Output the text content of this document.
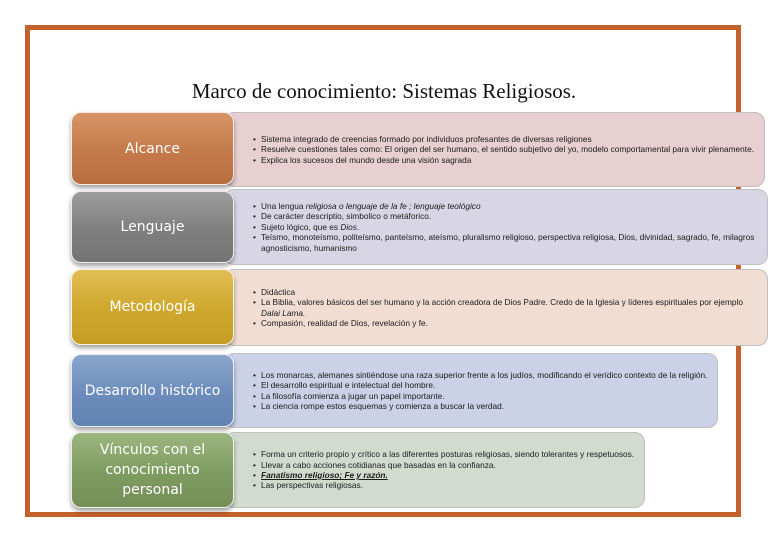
Marco de conocimiento: Sistemas Religiosos.
• Sistema integrado de creencias formado por individuos profesantes de diversas religiones
• Resuelve cuestiones tales como: El origen del ser humano, el sentido subjetivo del yo, modelo comportamental para vivir plenamente.
• Explica los sucesos del mundo desde una visión sagrada
Alcance
• Una lengua religiosa o lenguaje de la fe ; lenguaje teológico
• De carácter descriptio, simbolico o metáforico.
• Sujeto lógico, que es Dios.
• Teísmo, monoteísmo, politeísmo, panteísmo, ateísmo, pluralismo religioso, perspectiva religiosa, Dios, divinidad, sagrado, fe, milagros agnosticismo, humanismo
Lenguaje
• Didáctica
• La Biblia, valores básicos del ser humano y la acción creadora de Dios Padre. Credo de la Iglesia y líderes espirituales por ejemplo Dalai Lama.
• Compasión, realidad de Dios, revelación y fe.
Metodología
• Los monarcas, alemanes sintiéndose una raza superior frente a los judíos, modificando el verídico contexto de la religión.
• El desarrollo espiritual e intelectual del hombre.
• La filosofía comienza a jugar un papel importante.
• La ciencia rompe estos esquemas y comienza a buscar la verdad.
Desarrollo histórico
• Forma un criterio propio y crítico a las diferentes posturas religiosas, siendo tolerantes y respetuosos.
• Llevar a cabo acciones cotidianas que basadas en la confianza.
• Fanatismo religioso; Fe y razón.
• Las perspectivas religiosas.
Vínculos con el
conocimiento
personal
